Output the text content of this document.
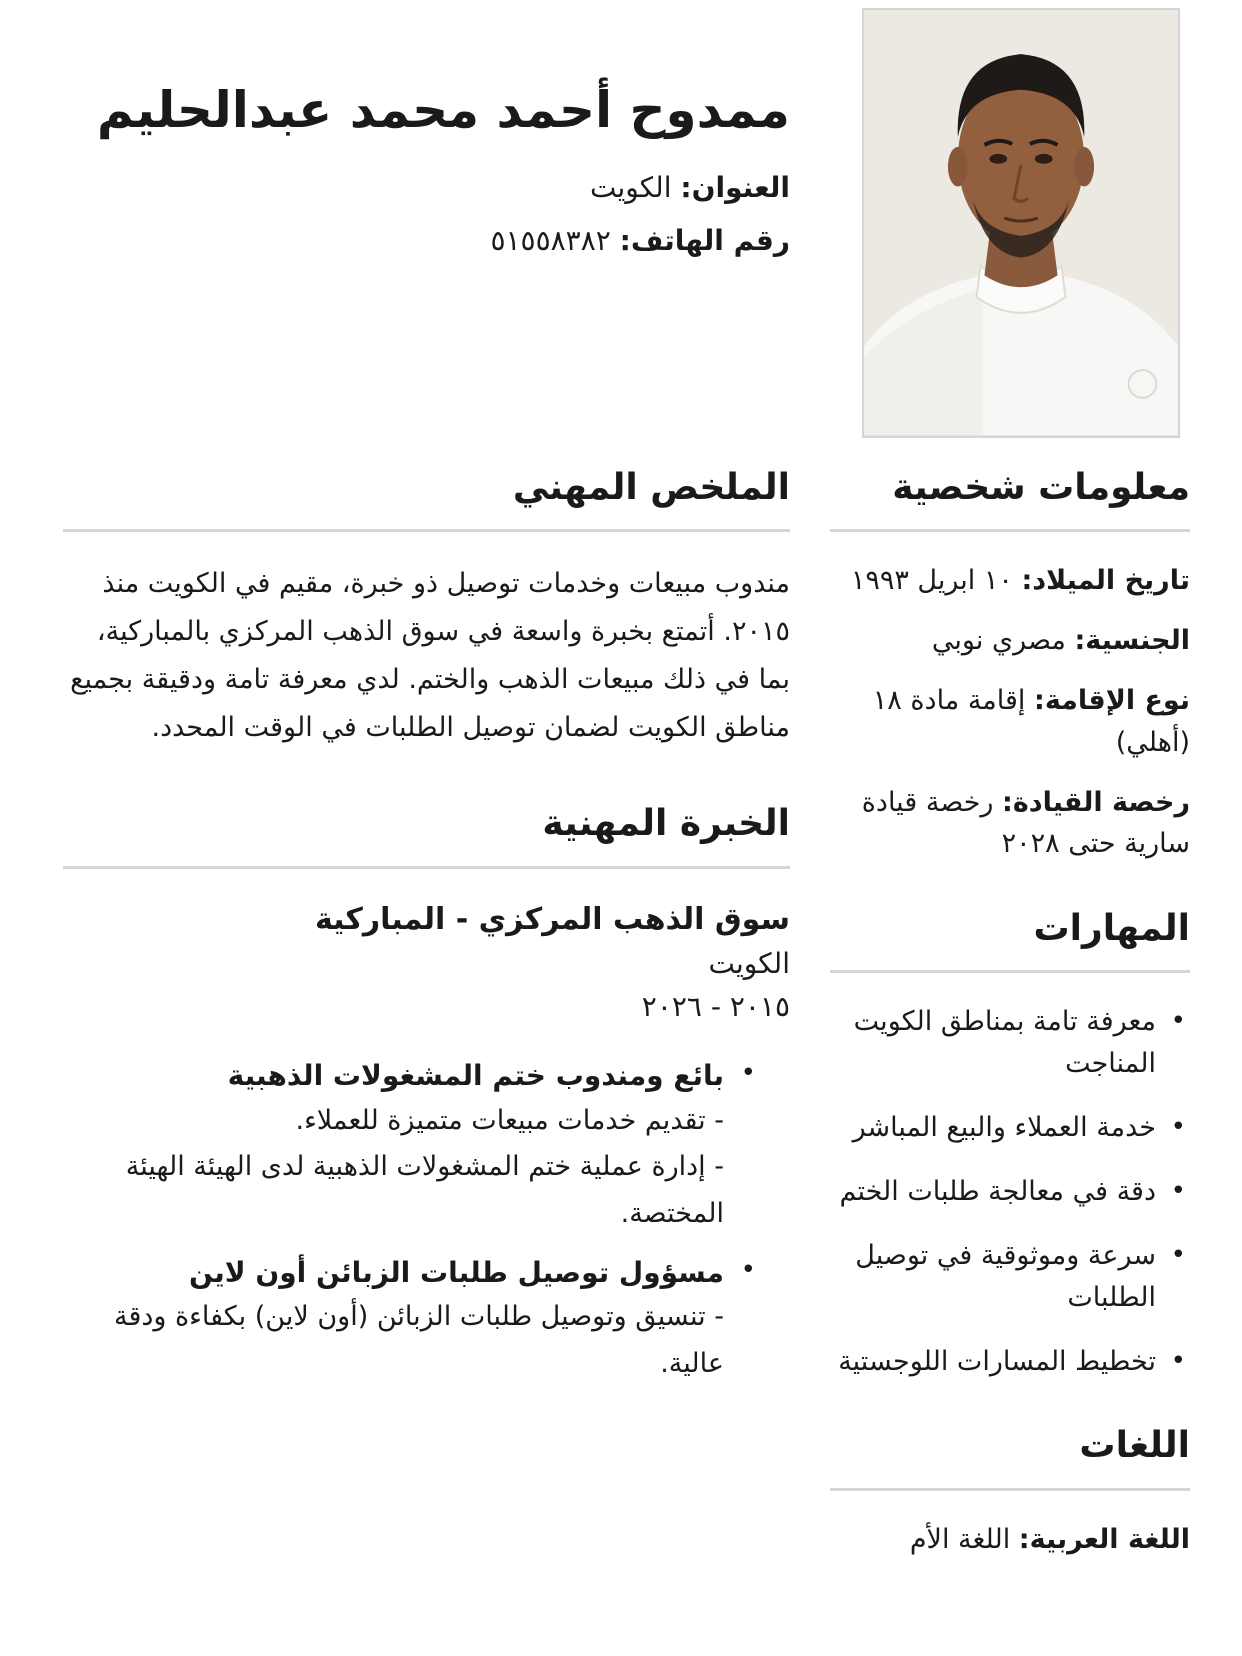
ممدوح أحمد محمد عبدالحليم
العنوان: الكويت
رقم الهاتف: ٥١٥٥٨٣٨٢
معلومات شخصية
تاريخ الميلاد: ١٠ ابريل ١٩٩٣
الجنسية: مصري نوبي
نوع الإقامة: إقامة مادة ١٨ (أهلي)
رخصة القيادة: رخصة قيادة سارية حتى ٢٠٢٨
المهارات
•
معرفة تامة بمناطق الكويت المناجت
•
خدمة العملاء والبيع المباشر
•
دقة في معالجة طلبات الختم
•
سرعة وموثوقية في توصيل الطلبات
•
تخطيط المسارات اللوجستية
اللغات
اللغة العربية: اللغة الأم
الملخص المهني

مندوب مبيعات وخدمات توصيل ذو خبرة، مقيم في الكويت منذ ٢٠١٥. أتمتع بخبرة واسعة في سوق الذهب المركزي بالمباركية، بما في ذلك مبيعات الذهب والختم. لدي معرفة تامة ودقيقة بجميع مناطق الكويت لضمان توصيل الطلبات في الوقت المحدد.

الخبرة المهنية
سوق الذهب المركزي - المباركية
الكويت
٢٠١٥ - ٢٠٢٦
•
بائع ومندوب ختم المشغولات الذهبية
- تقديم خدمات مبيعات متميزة للعملاء.
- إدارة عملية ختم المشغولات الذهبية لدى الهيئة الهيئة المختصة.
•
مسؤول توصيل طلبات الزبائن أون لاين
- تنسيق وتوصيل طلبات الزبائن (أون لاين) بكفاءة ودقة عالية.
